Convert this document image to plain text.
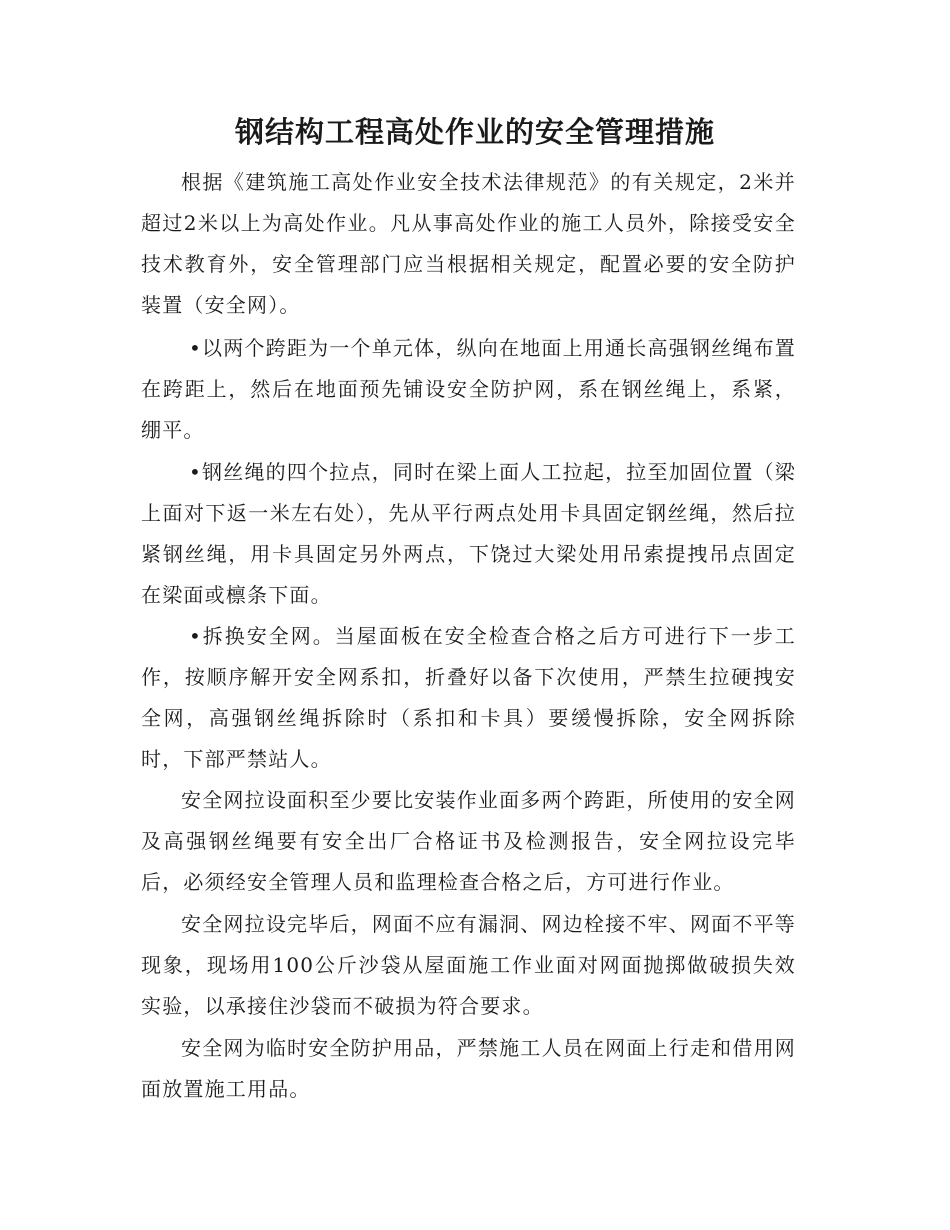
钢结构工程高处作业的安全管理措施

根据《建筑施工高处作业安全技术法律规范》的有关规定，2米并超过2米以上为高处作业。凡从事高处作业的施工人员外，除接受安全技术教育外，安全管理部门应当根据相关规定，配置必要的安全防护装置（安全网）。

•以两个跨距为一个单元体，纵向在地面上用通长高强钢丝绳布置在跨距上，然后在地面预先铺设安全防护网，系在钢丝绳上，系紧，绷平。

•钢丝绳的四个拉点，同时在梁上面人工拉起，拉至加固位置（梁上面对下返一米左右处），先从平行两点处用卡具固定钢丝绳，然后拉紧钢丝绳，用卡具固定另外两点，下饶过大梁处用吊索提拽吊点固定在梁面或檩条下面。

•拆换安全网。当屋面板在安全检查合格之后方可进行下一步工作，按顺序解开安全网系扣，折叠好以备下次使用，严禁生拉硬拽安全网，高强钢丝绳拆除时（系扣和卡具）要缓慢拆除，安全网拆除时，下部严禁站人。

安全网拉设面积至少要比安装作业面多两个跨距，所使用的安全网及高强钢丝绳要有安全出厂合格证书及检测报告，安全网拉设完毕后，必须经安全管理人员和监理检查合格之后，方可进行作业。

安全网拉设完毕后，网面不应有漏洞、网边栓接不牢、网面不平等现象，现场用100公斤沙袋从屋面施工作业面对网面抛掷做破损失效实验，以承接住沙袋而不破损为符合要求。

安全网为临时安全防护用品，严禁施工人员在网面上行走和借用网面放置施工用品。
